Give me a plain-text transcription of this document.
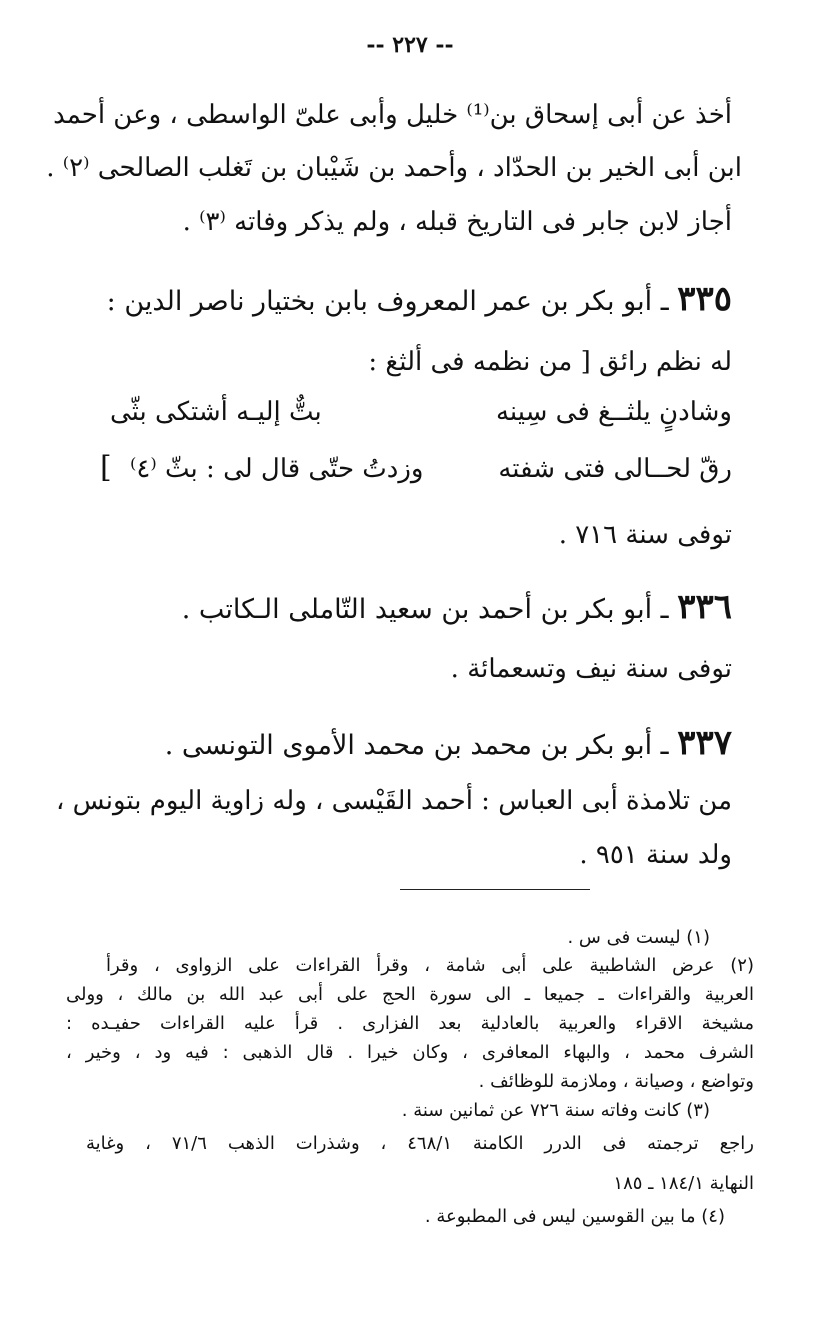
-- ٢٢٧ --
أخذ عن أبى إسحاق بن⁽¹⁾ خليل وأبى علىّ الواسطى ، وعن أحمد
ابن أبى الخير بن الحدّاد ، وأحمد بن شَيْبان بن تَغلب الصالحى ⁽٢⁾ .
أجاز لابن جابر فى التاريخ قبله ، ولم يذكر وفاته ⁽٣⁾ .
٣٣٥ ـ أبو بكر بن عمر المعروف بابن بختيار ناصر الدين :
له نظم رائق [ من نظمه فى ألثغ :
وشادنٍ يلثــغ فى سِينه
بتٌّ إليـه أشتكى بثّى
رقّ لحــالى فتى شفته
وزدتُ حتّى قال لى : بثّ ⁽٤⁾
]
توفى سنة ٧١٦ .
٣٣٦ ـ أبو بكر بن أحمد بن سعيد التّاملى الـكاتب .
توفى سنة نيف وتسعمائة .
٣٣٧ ـ أبو بكر بن محمد بن محمد الأموى التونسى .
من تلامذة أبى العباس : أحمد القَيْسى ، وله زاوية اليوم بتونس ،
ولد سنة ٩٥١ .
(١) ليست فى س .
(٢) عرض الشاطبية على أبى شامة ، وقرأ القراءات على الزواوى ، وقرأ
العربية والقراءات ـ جميعا ـ الى سورة الحج على أبى عبد الله بن مالك ، وولى
مشيخة الاقراء والعربية بالعادلية بعد الفزارى . قرأ عليه القراءات حفيـده :
الشرف محمد ، والبهاء المعافرى ، وكان خيرا . قال الذهبى : فيه ود ، وخير ،
وتواضع ، وصيانة ، وملازمة للوظائف .
(٣) كانت وفاته سنة ٧٢٦ عن ثمانين سنة .
راجع ترجمته فى الدرر الكامنة ٤٦٨/١ ، وشذرات الذهب ٧١/٦ ، وغاية
النهاية ١٨٤/١ ـ ١٨٥
(٤) ما بين القوسين ليس فى المطبوعة .
